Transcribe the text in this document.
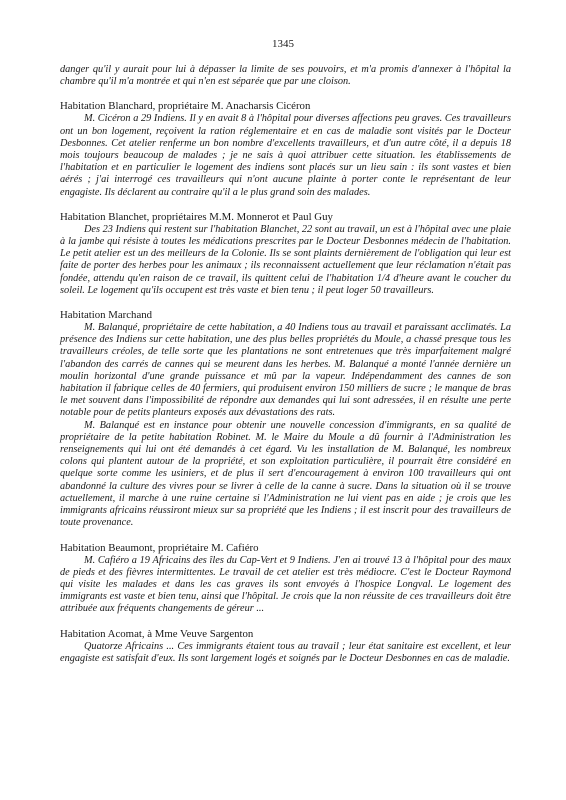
1345

danger qu'il y aurait pour lui à dépasser la limite de ses pouvoirs, et m'a promis d'annexer à l'hôpital la chambre qu'il m'a montrée et qui n'en est séparée que par une cloison.

Habitation Blanchard, propriétaire M. Anacharsis Cicéron

M. Cicéron a 29 Indiens. Il y en avait 8 à l'hôpital pour diverses affections peu graves. Ces travailleurs ont un bon logement, reçoivent la ration réglementaire et en cas de maladie sont visités par le Docteur Desbonnes. Cet atelier renferme un bon nombre d'excellents travailleurs, et d'un autre côté, il a depuis 18 mois toujours beaucoup de malades ; je ne sais à quoi attribuer cette situation. les établissements de l'habitation et en particulier le logement des indiens sont placés sur un lieu sain : ils sont vastes et bien aérés ; j'ai interrogé ces travailleurs qui n'ont aucune plainte à porter conte le représentant de leur engagiste. Ils déclarent au contraire qu'il a le plus grand soin des malades.

Habitation Blanchet, propriétaires M.M. Monnerot et Paul Guy

Des 23 Indiens qui restent sur l'habitation Blanchet, 22 sont au travail, un est à l'hôpital avec une plaie à la jambe qui résiste à toutes les médications prescrites par le Docteur Desbonnes médecin de l'habitation. Le petit atelier est un des meilleurs de la Colonie. Ils se sont plaints dernièrement de l'obligation qui leur est faite de porter des herbes pour les animaux ; ils reconnaissent actuellement que leur réclamation n'était pas fondée, attendu qu'en raison de ce travail, ils quittent celui de l'habitation 1/4 d'heure avant le coucher du soleil. Le logement qu'ils occupent est très vaste et bien tenu ; il peut loger 50 travailleurs.

Habitation Marchand

M. Balanqué, propriétaire de cette habitation, a 40 Indiens tous au travail et paraissant acclimatés. La présence des Indiens sur cette habitation, une des plus belles propriétés du Moule, a chassé presque tous les travailleurs créoles, de telle sorte que les plantations ne sont entretenues que très imparfaitement malgré l'abandon des carrés de cannes qui se meurent dans les herbes. M. Balanqué a monté l'année dernière un moulin horizontal d'une grande puissance et mû par la vapeur. Indépendamment des cannes de son habitation il fabrique celles de 40 fermiers, qui produisent environ 150 milliers de sucre ; le manque de bras le met souvent dans l'impossibilité de répondre aux demandes qui lui sont adressées, il en résulte une perte notable pour de petits planteurs exposés aux dévastations des rats.

M. Balanqué est en instance pour obtenir une nouvelle concession d'immigrants, en sa qualité de propriétaire de la petite habitation Robinet. M. le Maire du Moule a dû fournir à l'Administration les renseignements qui lui ont été demandés à cet égard. Vu les installation de M. Balanqué, les nombreux colons qui plantent autour de la propriété, et son exploitation particulière, il pourrait être considéré en quelque sorte comme les usiniers, et de plus il sert d'encouragement à environ 100 travailleurs qui ont abandonné la culture des vivres pour se livrer à celle de la canne à sucre. Dans la situation où il se trouve actuellement, il marche à une ruine certaine si l'Administration ne lui vient pas en aide ; je crois que les immigrants africains réussiront mieux sur sa propriété que les Indiens ; il est inscrit pour des travailleurs de toute provenance.

Habitation Beaumont, propriétaire M. Cafiéro

M. Cafiéro a 19 Africains des îles du Cap-Vert et 9 Indiens. J'en ai trouvé 13 à l'hôpital pour des maux de pieds et des fièvres intermittentes. Le travail de cet atelier est très médiocre. C'est le Docteur Raymond qui visite les malades et dans les cas graves ils sont envoyés à l'hospice Longval. Le logement des immigrants est vaste et bien tenu, ainsi que l'hôpital. Je crois que la non réussite de ces travailleurs doit être attribuée aux fréquents changements de géreur ...

Habitation Acomat, à Mme Veuve Sargenton

Quatorze Africains ... Ces immigrants étaient tous au travail ; leur état sanitaire est excellent, et leur engagiste est satisfait d'eux. Ils sont largement logés et soignés par le Docteur Desbonnes en cas de maladie.
